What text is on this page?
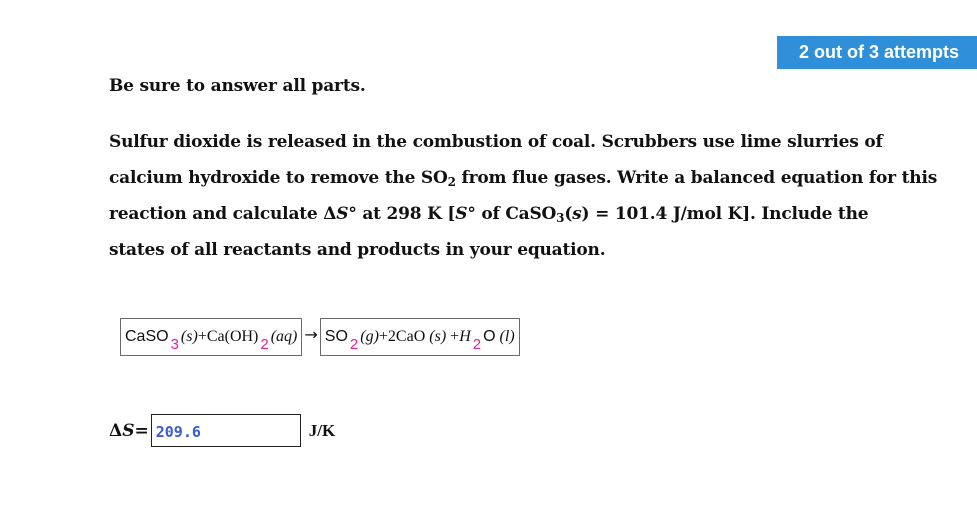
2 out of 3 attempts
Be sure to answer all parts.
Sulfur dioxide is released in the combustion of coal. Scrubbers use lime slurries of
calcium hydroxide to remove the $SO_2$ from flue gases. Write a balanced equation for this
reaction and calculate ΔS° at 298 K [S° of CaSO$_3$(s) = 101.4 J/mol K]. Include the
states of all reactants and products in your equation.
CaSO 3 (s) +Ca(OH) 2 (aq) → SO 2 (g) +2CaO
(s)
+ H 2 O
(l)
Δ S = 209.6	J/K
